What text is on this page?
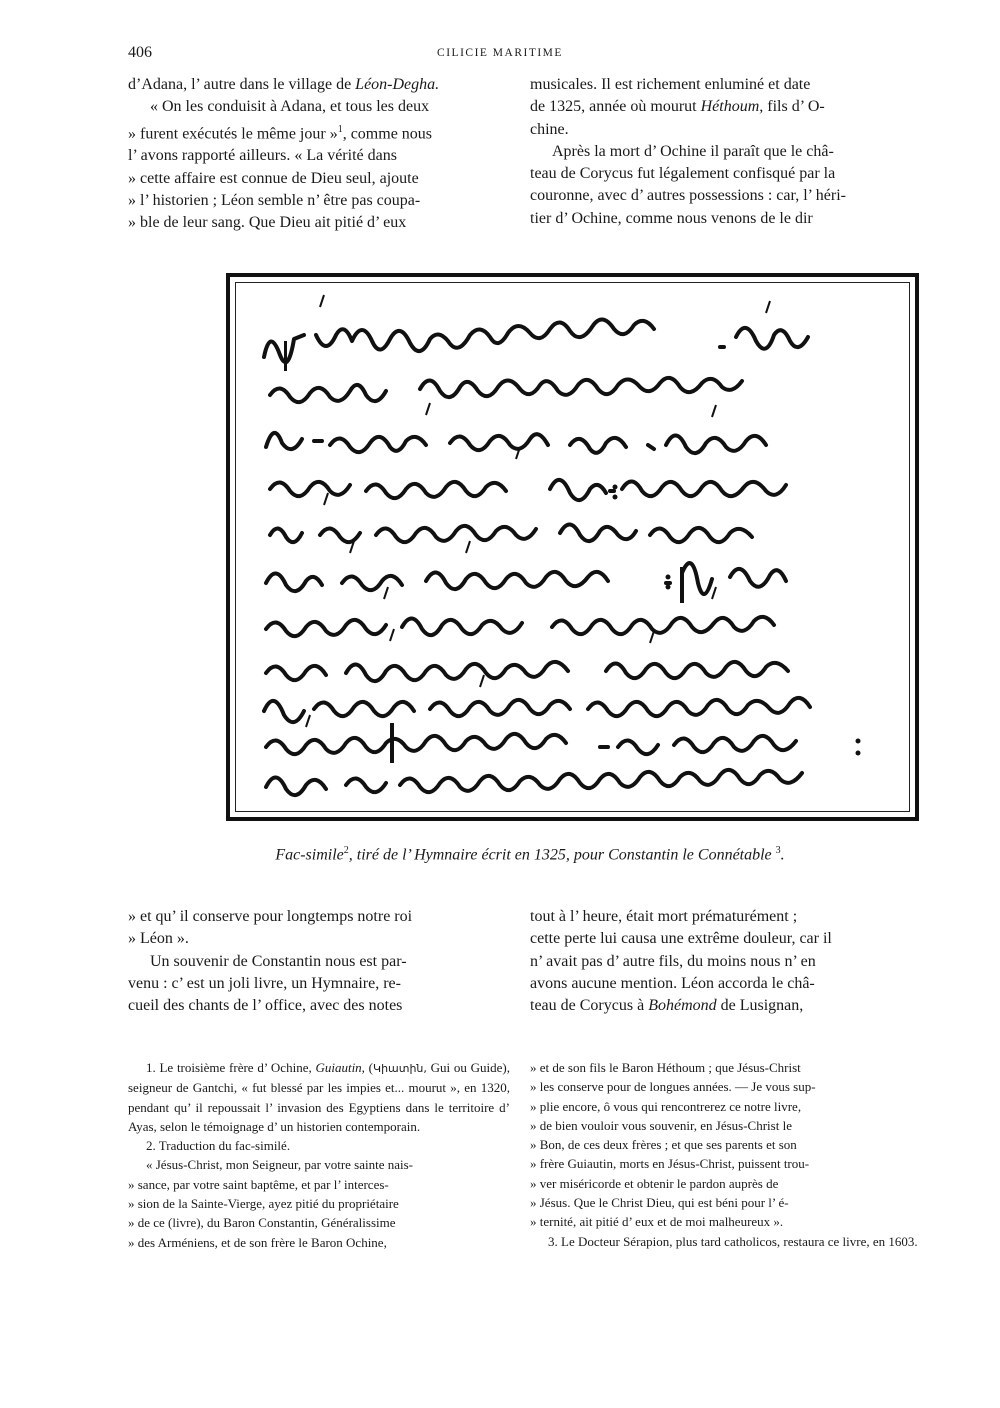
406	CILICIE MARITIME

d’Adana, l’ autre dans le village de Léon-Degha.

« On les conduisit à Adana, et tous les deux

» furent exécutés le même jour »$^1$, comme nous

l’ avons rapporté ailleurs. « La vérité dans

» cette affaire est connue de Dieu seul, ajoute

» l’ historien ; Léon semble n’ être pas coupa-

» ble de leur sang. Que Dieu ait pitié d’ eux

musicales. Il est richement enluminé et date

de 1325, année où mourut Héthoum, fils d’ O-

chine.

Après la mort d’ Ochine il paraît que le châ-

teau de Corycus fut légalement confisqué par la

couronne, avec d’ autres possessions : car, l’ héri-

tier d’ Ochine, comme nous venons de le dir

Fac-simile$^2$, tiré de l’ Hymnaire écrit en 1325, pour Constantin le Connétable $^3$.

» et qu’ il conserve pour longtemps notre roi

» Léon ».

Un souvenir de Constantin nous est par-

venu : c’ est un joli livre, un Hymnaire, re-

cueil des chants de l’ office, avec des notes

tout à l’ heure, était mort prématurément ;

cette perte lui causa une extrême douleur, car il

n’ avait pas d’ autre fils, du moins nous n’ en

avons aucune mention. Léon accorda le châ-

teau de Corycus à Bohémond de Lusignan,

1. Le troisième frère d’ Ochine, Guiautin, (Կիատին, Gui ou Guide), seigneur de Gantchi, « fut blessé par les impies et... mourut », en 1320, pendant qu’ il repoussait l’ invasion des Egyptiens dans le territoire d’ Ayas, selon le témoignage d’ un historien contemporain.

2. Traduction du fac-similé.

« Jésus-Christ, mon Seigneur, par votre sainte nais-

» sance, par votre saint baptême, et par l’ interces-

» sion de la Sainte-Vierge, ayez pitié du propriétaire

» de ce (livre), du Baron Constantin, Généralissime

» des Arméniens, et de son frère le Baron Ochine,

» et de son fils le Baron Héthoum ; que Jésus-Christ

» les conserve pour de longues années. — Je vous sup-

» plie encore, ô vous qui rencontrerez ce notre livre,

» de bien vouloir vous souvenir, en Jésus-Christ le

» Bon, de ces deux frères ; et que ses parents et son

» frère Guiautin, morts en Jésus-Christ, puissent trou-

» ver miséricorde et obtenir le pardon auprès de

» Jésus. Que le Christ Dieu, qui est béni pour l’ é-

» ternité, ait pitié d’ eux et de moi malheureux ».

3. Le Docteur Sérapion, plus tard catholicos, restaura ce livre, en 1603.
